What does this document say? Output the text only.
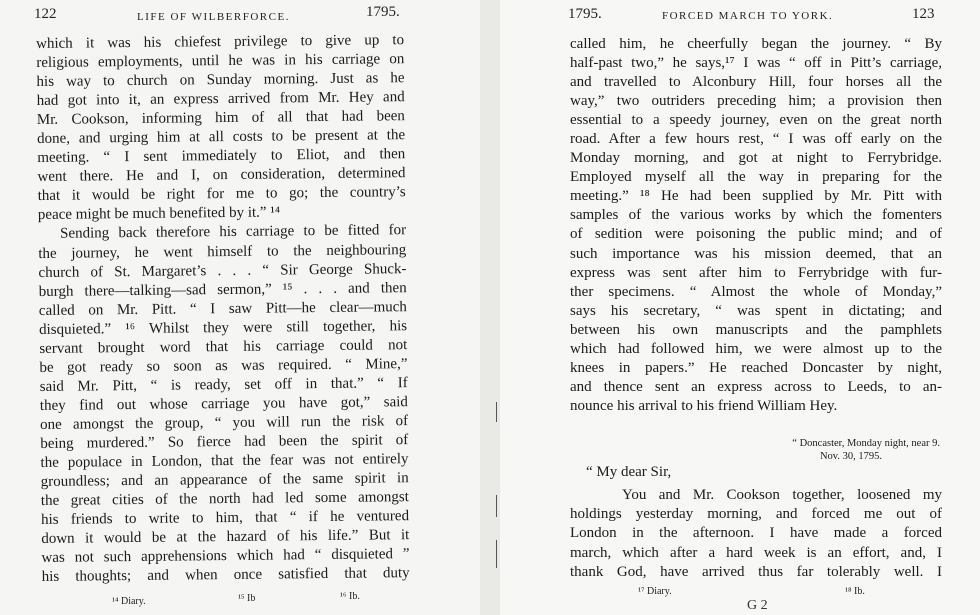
122	LIFE OF WILBERFORCE.	1795.
which it was his chiefest privilege to give up to
religious employments, until he was in his carriage on
his way to church on Sunday morning. Just as he
had got into it, an express arrived from Mr. Hey and
Mr. Cookson, informing him of all that had been
done, and urging him at all costs to be present at the
meeting. “ I sent immediately to Eliot, and then
went there. He and I, on consideration, determined
that it would be right for me to go; the country’s
peace might be much benefited by it.” ¹⁴
Sending back therefore his carriage to be fitted for
the journey, he went himself to the neighbouring
church of St. Margaret’s . . . “ Sir George Shuck-
burgh there—talking—sad sermon,” ¹⁵ . . . and then
called on Mr. Pitt. “ I saw Pitt—he clear—much
disquieted.” ¹⁶ Whilst they were still together, his
servant brought word that his carriage could not
be got ready so soon as was required. “ Mine,”
said Mr. Pitt, “ is ready, set off in that.” “ If
they find out whose carriage you have got,” said
one amongst the group, “ you will run the risk of
being murdered.” So fierce had been the spirit of
the populace in London, that the fear was not entirely
groundless; and an appearance of the same spirit in
the great cities of the north had led some amongst
his friends to write to him, that “ if he ventured
down it would be at the hazard of his life.” But it
was not such apprehensions which had “ disquieted ”
his thoughts; and when once satisfied that duty
¹⁴ Diary.	¹⁵ Ib	¹⁶ Ib.
1795.	FORCED MARCH TO YORK.	123
called him, he cheerfully began the journey. “ By
half-past two,” he says,¹⁷ I was “ off in Pitt’s carriage,
and travelled to Alconbury Hill, four horses all the
way,” two outriders preceding him; a provision then
essential to a speedy journey, even on the great north
road. After a few hours rest, “ I was off early on the
Monday morning, and got at night to Ferrybridge.
Employed myself all the way in preparing for the
meeting.” ¹⁸ He had been supplied by Mr. Pitt with
samples of the various works by which the fomenters
of sedition were poisoning the public mind; and of
such importance was his mission deemed, that an
express was sent after him to Ferrybridge with fur-
ther specimens. “ Almost the whole of Monday,”
says his secretary, “ was spent in dictating; and
between his own manuscripts and the pamphlets
which had followed him, we were almost up to the
knees in papers.” He reached Doncaster by night,
and thence sent an express across to Leeds, to an-
nounce his arrival to his friend William Hey.
“ Doncaster, Monday night, near 9.
Nov. 30, 1795.
“ My dear Sir,
You and Mr. Cookson together, loosened my
holdings yesterday morning, and forced me out of
London in the afternoon. I have made a forced
march, which after a hard week is an effort, and, I
thank God, have arrived thus far tolerably well. I
¹⁷ Diary.	¹⁸ Ib.
G 2
